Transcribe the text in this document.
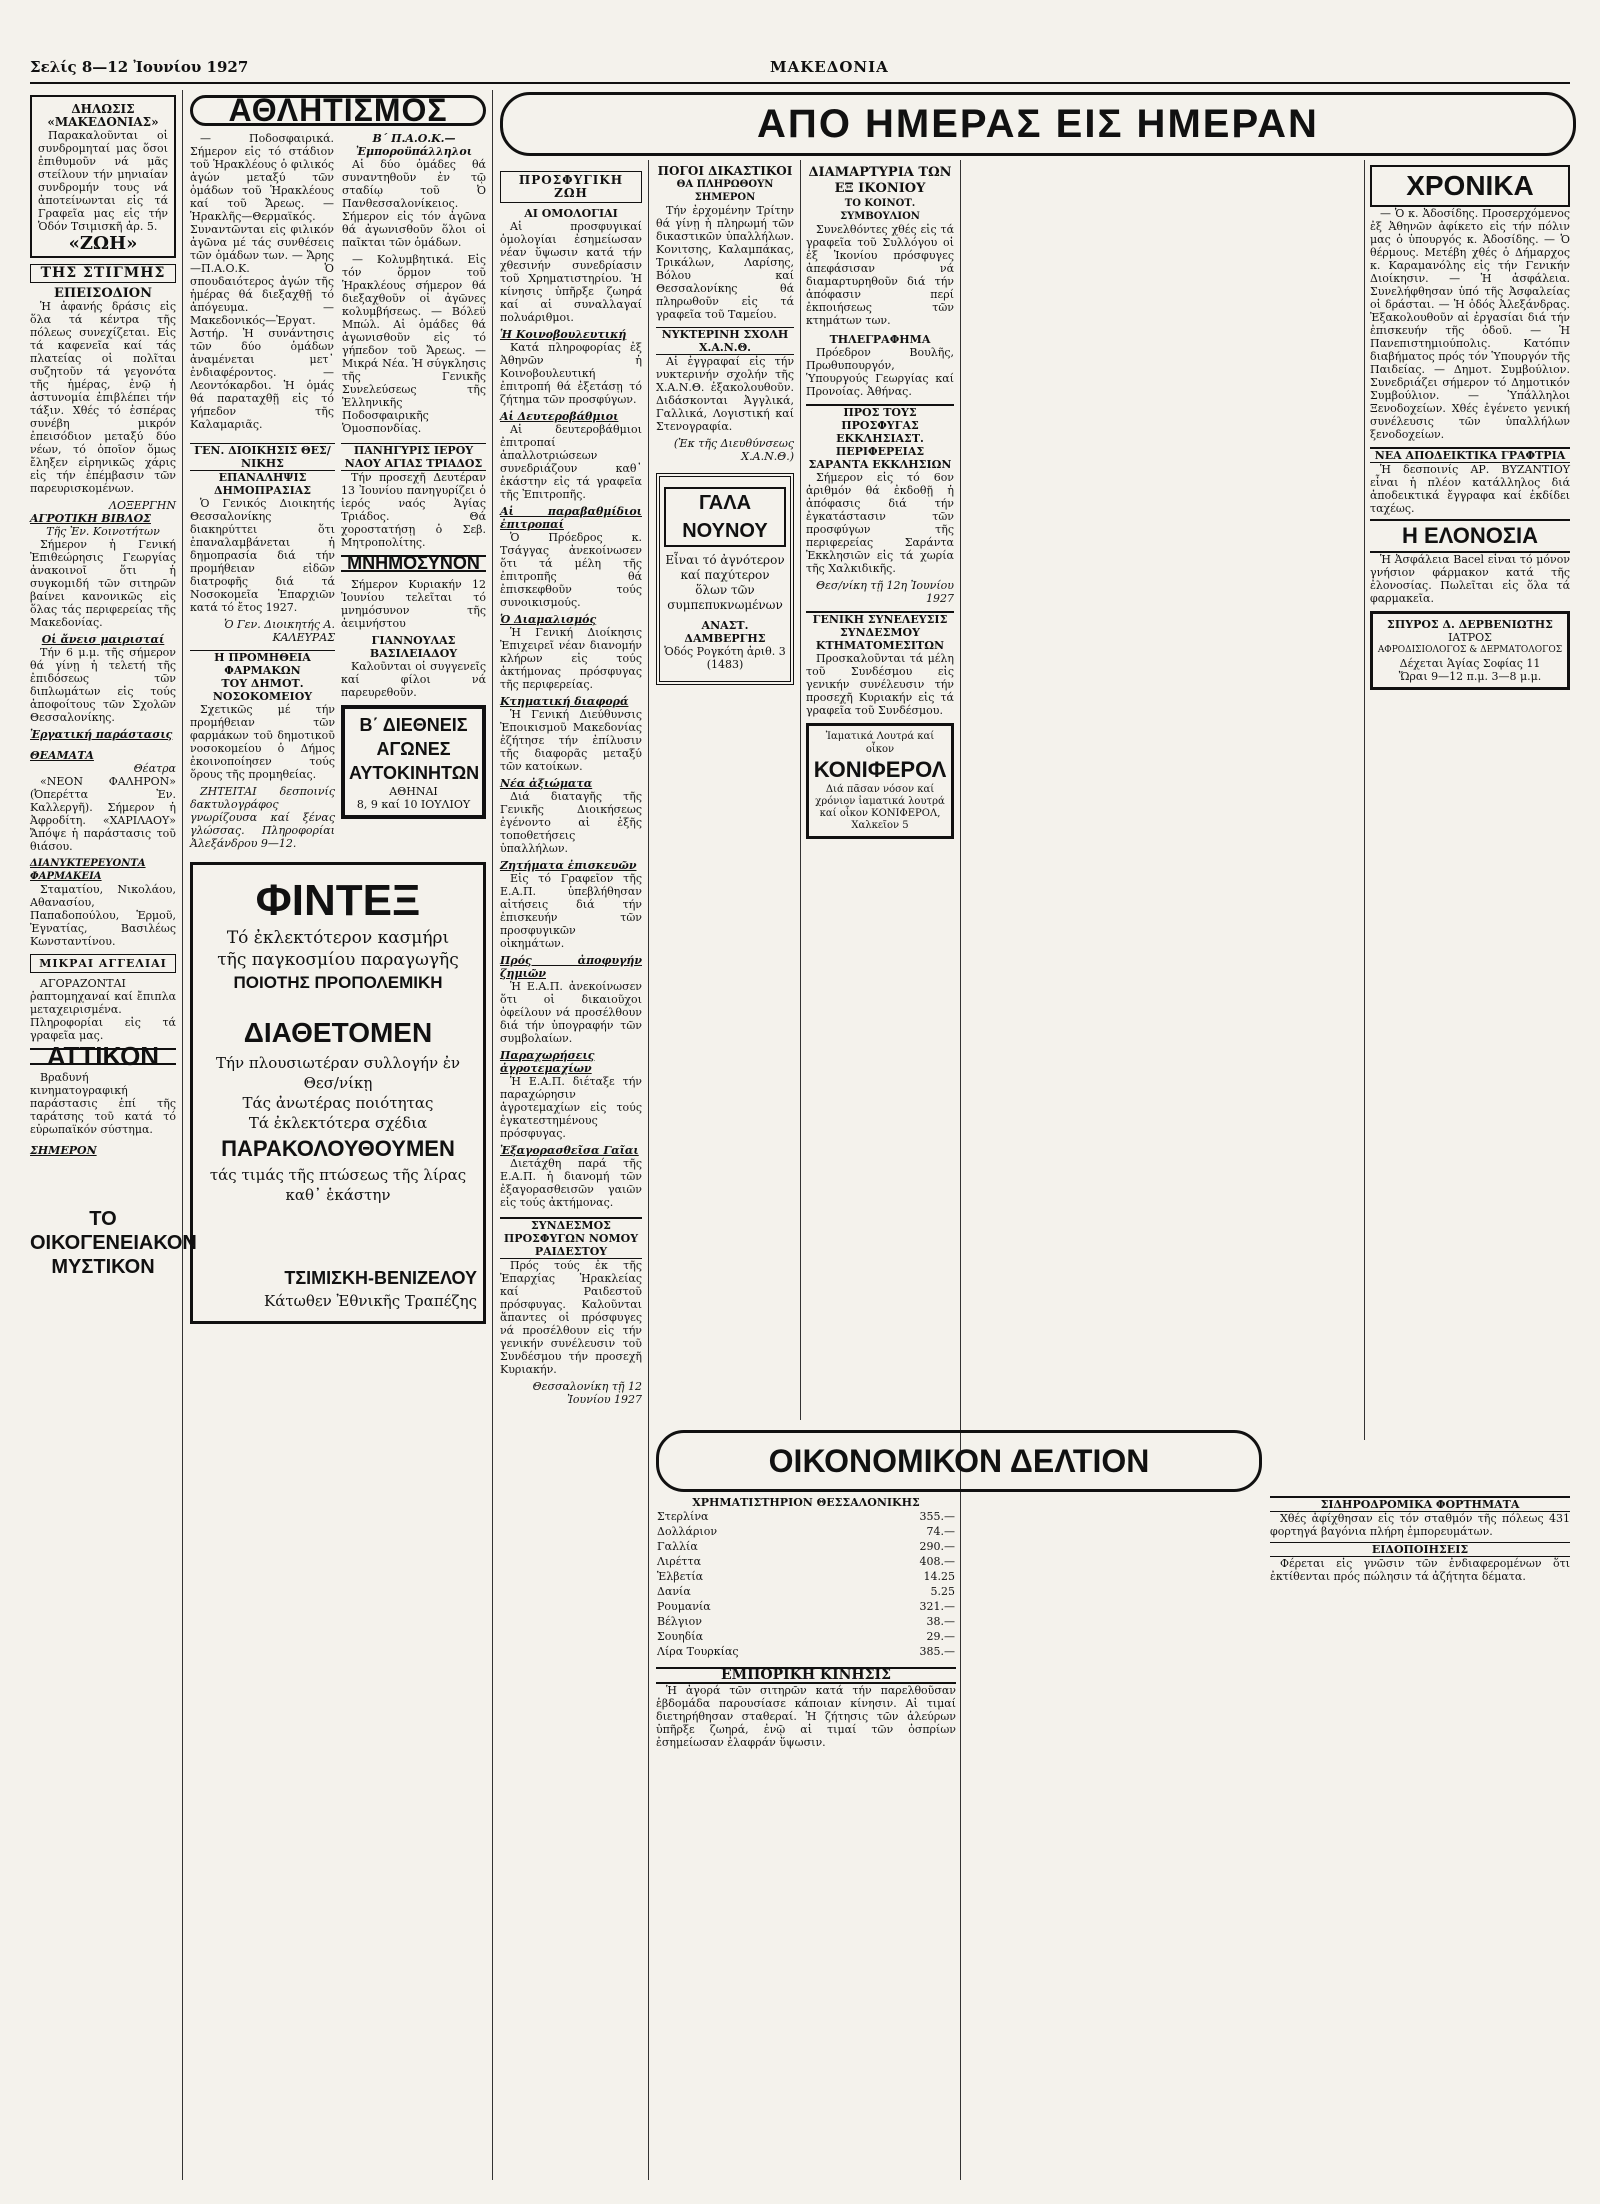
Σελίς 8—12 Ἰουνίου 1927	ΜΑΚΕΔΟΝΙΑ
ΔΗΛΩΣΙΣ «ΜΑΚΕΔΟΝΙΑΣ»

Παρακαλοῦνται οἱ συνδρομηταί μας ὅσοι ἐπιθυμοῦν νά μᾶς στείλουν τήν μηνιαίαν συνδρομήν τους νά ἀποτείνωνται εἰς τά Γραφεῖα μας εἰς τήν Ὁδόν Τσιμισκῆ ἀρ. 5.

«ΖΩΗ»
ΤΗΣ ΣΤΙΓΜΗΣ
ΕΠΕΙΣΟΔΙΟΝ

Ἡ ἀφανής δράσις εἰς ὅλα τά κέντρα τῆς πόλεως συνεχίζεται. Εἰς τά καφενεῖα καί τάς πλατείας οἱ πολῖται συζητοῦν τά γεγονότα τῆς ἡμέρας, ἐνῷ ἡ ἀστυνομία ἐπιβλέπει τήν τάξιν. Χθές τό ἑσπέρας συνέβη μικρόν ἐπεισόδιον μεταξύ δύο νέων, τό ὁποῖον ὅμως ἔληξεν εἰρηνικῶς χάρις εἰς τήν ἐπέμβασιν τῶν παρευρισκομένων.

ΛΟΞΕΡΓΗΝ
ΑΓΡΟΤΙΚΗ ΒΙΒΛΟΣ
Τῆς Ἐν. Κοινοτήτων

Σήμερον ἡ Γενική Ἐπιθεώρησις Γεωργίας ἀνακοινοῖ ὅτι ἡ συγκομιδή τῶν σιτηρῶν βαίνει κανονικῶς εἰς ὅλας τάς περιφερείας τῆς Μακεδονίας.

Οἱ ἄνεισ μαιρισταί

Τήν 6 μ.μ. τῆς σήμερον θά γίνῃ ἡ τελετή τῆς ἐπιδόσεως τῶν διπλωμάτων εἰς τούς ἀποφοίτους τῶν Σχολῶν Θεσσαλονίκης.

Ἐργατική παράστασις
ΘΕΑΜΑΤΑ
Θέατρα

«ΝΕΟΝ ΦΑΛΗΡΟΝ» (Ὀπερέττα Ἐν. Καλλεργῆ). Σήμερον ἡ Ἀφροδίτη. «ΧΑΡΙΛΑΟΥ» Ἄπόψε ἡ παράστασις τοῦ θιάσου.

ΔΙΑΝΥΚΤΕΡΕΥΟΝΤΑ ΦΑΡΜΑΚΕΙΑ

Σταματίου, Νικολάου, Αθανασίου, Παπαδοπούλου, Ἑρμοῦ, Ἐγνατίας, Βασιλέως Κωνσταντίνου.

ΜΙΚΡΑΙ ΑΓΓΕΛΙΑΙ

ΑΓΟΡΑΖΟΝΤΑΙ ῥαπτομηχαναί καί ἔπιπλα μεταχειρισμένα. Πληροφορίαι εἰς τά γραφεῖα μας.

ΑΤΤΙΚΟΝ

Βραδυνή κινηματογραφική παράστασις ἐπί τῆς ταράτσης τοῦ κατά τό εὐρωπαϊκόν σύστημα.

ΣΗΜΕΡΟΝ
ΤΟ ΟΙΚΟΓΕΝΕΙΑΚΟΝ ΜΥΣΤΙΚΟΝ
ΑΘΛΗΤΙΣΜΟΣ

— Ποδοσφαιρικά. Σήμερον εἰς τό στάδιον τοῦ Ἡρακλέους ὁ φιλικός ἀγών μεταξύ τῶν ὁμάδων τοῦ Ἡρακλέους καί τοῦ Ἄρεως. — Ἡρακλῆς—Θερμαϊκός. Συναντῶνται εἰς φιλικόν ἀγῶνα μέ τάς συνθέσεις τῶν ὁμάδων των. — Ἄρης—Π.Α.Ο.Κ. Ὁ σπουδαιότερος ἀγών τῆς ἡμέρας θά διεξαχθῇ τό ἀπόγευμα. — Μακεδονικός—Ἐργατ. Ἀστήρ. Ἡ συνάντησις τῶν δύο ὁμάδων ἀναμένεται μετ᾽ ἐνδιαφέροντος. — Λεοντόκαρδοι. Ἡ ὁμάς θά παραταχθῇ εἰς τό γήπεδον τῆς Καλαμαριᾶς.

Β΄ Π.Α.Ο.Κ.—Ἐμποροϋπάλληλοι

Αἱ δύο ὁμάδες θά συναντηθοῦν ἐν τῷ σταδίῳ τοῦ Ὀ Πανθεσσαλονίκειος. Σήμερον εἰς τόν ἀγῶνα θά ἀγωνισθοῦν ὅλοι οἱ παῖκται τῶν ὁμάδων.

— Κολυμβητικά. Εἰς τόν ὅρμον τοῦ Ἡρακλέους σήμερον θά διεξαχθοῦν οἱ ἀγῶνες κολυμβήσεως. — Βόλεϋ Μπώλ. Αἱ ὁμάδες θά ἀγωνισθοῦν εἰς τό γήπεδον τοῦ Ἄρεως. — Μικρά Νέα. Ἡ σύγκλησις τῆς Γενικῆς Συνελεύσεως τῆς Ἑλληνικῆς Ποδοσφαιρικῆς Ὁμοσπονδίας.

ΓΕΝ. ΔΙΟΙΚΗΣΙΣ ΘΕΣ/ΝΙΚΗΣ
ΕΠΑΝΑΛΗΨΙΣ ΔΗΜΟΠΡΑΣΙΑΣ

Ὁ Γενικός Διοικητής Θεσσαλονίκης διακηρύττει ὅτι ἐπαναλαμβάνεται ἡ δημοπρασία διά τήν προμήθειαν εἰδῶν διατροφῆς διά τά Νοσοκομεῖα Ἐπαρχιῶν κατά τό ἔτος 1927.

Ὁ Γεν. Διοικητής Α. ΚΑΛΕΥΡΑΣ
Η ΠΡΟΜΗΘΕΙΑ ΦΑΡΜΑΚΩΝ
ΤΟΥ ΔΗΜΟΤ. ΝΟΣΟΚΟΜΕΙΟΥ

Σχετικῶς μέ τήν προμήθειαν τῶν φαρμάκων τοῦ δημοτικοῦ νοσοκομείου ὁ Δήμος ἐκοινοποίησεν τούς ὅρους τῆς προμηθείας.

ΖΗΤΕΙΤΑΙ δεσποινίς δακτυλογράφος γνωρίζουσα καί ξένας γλώσσας. Πληροφορίαι Ἀλεξάνδρου 9—12.

ΠΑΝΗΓΥΡΙΣ ΙΕΡΟΥ ΝΑΟΥ ΑΓΙΑΣ ΤΡΙΑΔΟΣ

Τήν προσεχῆ Δευτέραν 13 Ἰουνίου πανηγυρίζει ὁ ἱερός ναός Ἁγίας Τριάδος. Θά χοροστατήσῃ ὁ Σεβ. Μητροπολίτης.

ΜΝΗΜΟΣΥΝΟΝ

Σήμερον Κυριακήν 12 Ἰουνίου τελεῖται τό μνημόσυνον τῆς ἀειμνήστου

ΓΙΑΝΝΟΥΛΑΣ ΒΑΣΙΛΕΙΑΔΟΥ

Καλοῦνται οἱ συγγενεῖς καί φίλοι νά παρευρεθοῦν.

Β΄ ΔΙΕΘΝΕΙΣ ΑΓΩΝΕΣ ΑΥΤΟΚΙΝΗΤΩΝ
ΑΘΗΝΑΙ
8, 9 καί 10 ΙΟΥΛΙΟΥ
ΦΙΝΤΕΞ
Τό ἐκλεκτότερον κασμήρι
τῆς παγκοσμίου παραγωγῆς
ΠΟΙΟΤΗΣ ΠΡΟΠΟΛΕΜΙΚΗ
ΔΙΑΘΕΤΟΜΕΝ
Τήν πλουσιωτέραν συλλογήν ἐν Θεσ/νίκῃ
Τάς ἀνωτέρας ποιότητας
Τά ἐκλεκτότερα σχέδια
ΠΑΡΑΚΟΛΟΥΘΟΥΜΕΝ
τάς τιμάς τῆς πτώσεως τῆς λίρας
καθ᾽ ἑκάστην
ΤΣΙΜΙΣΚΗ-ΒΕΝΙΖΕΛΟΥ
Κάτωθεν Ἐθνικῆς Τραπέζης
ΑΠΟ ΗΜΕΡΑΣ ΕΙΣ ΗΜΕΡΑΝ
ΠΡΟΣΦΥΓΙΚΗ ΖΩΗ
ΑΙ ΟΜΟΛΟΓΙΑΙ

Αἱ προσφυγικαί ὁμολογίαι ἐσημείωσαν νέαν ὕψωσιν κατά τήν χθεσινήν συνεδρίασιν τοῦ Χρηματιστηρίου. Ἡ κίνησις ὑπῆρξε ζωηρά καί αἱ συναλλαγαί πολυάριθμοι.

Ἡ Κοινοβουλευτική

Κατά πληροφορίας ἐξ Ἀθηνῶν ἡ Κοινοβουλευτική ἐπιτροπή θά ἐξετάσῃ τό ζήτημα τῶν προσφύγων.

Αἱ Δευτεροβάθμιοι

Αἱ δευτεροβάθμιοι ἐπιτροπαί ἀπαλλοτριώσεων συνεδριάζουν καθ᾽ ἑκάστην εἰς τά γραφεῖα τῆς Ἐπιτροπῆς.

Αἱ παραβαθμίδιοι ἐπιτροπαί

Ὁ Πρόεδρος κ. Τσάγγας ἀνεκοίνωσεν ὅτι τά μέλη τῆς ἐπιτροπῆς θά ἐπισκεφθοῦν τούς συνοικισμούς.

Ὁ Διαμαλισμός

Ἡ Γενική Διοίκησις Ἐπιχειρεῖ νέαν διανομήν κλήρων εἰς τούς ἀκτήμονας πρόσφυγας τῆς περιφερείας.

Κτηματική διαφορά

Ἡ Γενική Διεύθυνσις Ἐποικισμοῦ Μακεδονίας ἐζήτησε τήν ἐπίλυσιν τῆς διαφορᾶς μεταξύ τῶν κατοίκων.

Νέα ἀξιώματα

Διά διαταγῆς τῆς Γενικῆς Διοικήσεως ἐγένοντο αἱ ἑξῆς τοποθετήσεις ὑπαλλήλων.

Ζητήματα ἐπισκευῶν

Εἰς τό Γραφεῖον τῆς Ε.Α.Π. ὑπεβλήθησαν αἰτήσεις διά τήν ἐπισκευήν τῶν προσφυγικῶν οἰκημάτων.

Πρός ἀποφυγήν ζημιῶν

Ἡ Ε.Α.Π. ἀνεκοίνωσεν ὅτι οἱ δικαιοῦχοι ὀφείλουν νά προσέλθουν διά τήν ὑπογραφήν τῶν συμβολαίων.

Παραχωρήσεις ἀγροτεμαχίων

Ἡ Ε.Α.Π. διέταξε τήν παραχώρησιν ἀγροτεμαχίων εἰς τούς ἐγκατεστημένους πρόσφυγας.

Ἐξαγορασθεῖσα Γαῖαι

Διετάχθη παρά τῆς Ε.Α.Π. ἡ διανομή τῶν ἐξαγορασθεισῶν γαιῶν εἰς τούς ἀκτήμονας.

ΣΥΝΔΕΣΜΟΣ ΠΡΟΣΦΥΓΩΝ ΝΟΜΟΥ ΡΑΙΔΕΣΤΟΥ

Πρός τούς ἐκ τῆς Ἐπαρχίας Ἡρακλείας καί Ραιδεστοῦ πρόσφυγας. Καλοῦνται ἅπαντες οἱ πρόσφυγες νά προσέλθουν εἰς τήν γενικήν συνέλευσιν τοῦ Συνδέσμου τήν προσεχῆ Κυριακήν.

Θεσσαλονίκη τῇ 12 Ἰουνίου 1927
ΠΟΓΟΙ ΔΙΚΑΣΤΙΚΟΙ
ΘΑ ΠΛΗΡΩΘΟΥΝ ΣΗΜΕΡΟΝ

Τήν ἐρχομένην Τρίτην θά γίνῃ ἡ πληρωμή τῶν δικαστικῶν ὑπαλλήλων. Κονιτσης, Καλαμπάκας, Τρικάλων, Λαρίσης, Βόλου καί Θεσσαλονίκης θά πληρωθοῦν εἰς τά γραφεῖα τοῦ Ταμείου.

ΝΥΚΤΕΡΙΝΗ ΣΧΟΛΗ Χ.Α.Ν.Θ.

Αἱ ἐγγραφαί εἰς τήν νυκτερινήν σχολήν τῆς Χ.Α.Ν.Θ. ἐξακολουθοῦν. Διδάσκονται Ἀγγλικά, Γαλλικά, Λογιστική καί Στενογραφία.

(Ἐκ τῆς Διευθύνσεως Χ.Α.Ν.Θ.)
ΓΑΛΑ ΝΟΥΝΟΥ
Εἶναι τό ἀγνότερον καί παχύτερον ὅλων τῶν συμπεπυκνωμένων
ΑΝΑΣΤ. ΔΑΜΒΕΡΓΗΣ
Ὁδός Ρογκότη ἀριθ. 3
(1483)
ΔΙΑΜΑΡΤΥΡΙΑ ΤΩΝ ΕΞ ΙΚΟΝΙΟΥ
ΤΟ ΚΟΙΝΟΤ. ΣΥΜΒΟΥΛΙΟΝ

Συνελθόντες χθές εἰς τά γραφεῖα τοῦ Συλλόγου οἱ ἐξ Ἰκονίου πρόσφυγες ἀπεφάσισαν νά διαμαρτυρηθοῦν διά τήν ἀπόφασιν περί ἐκποιήσεως τῶν κτημάτων των.

ΤΗΛΕΓΡΑΦΗΜΑ

Πρόεδρον Βουλῆς, Πρωθυπουργόν, Ὑπουργούς Γεωργίας καί Προνοίας. Ἀθήνας.

ΠΡΟΣ ΤΟΥΣ ΠΡΟΣΦΥΓΑΣ ΕΚΚΛΗΣΙΑΣΤ. ΠΕΡΙΦΕΡΕΙΑΣ ΣΑΡΑΝΤΑ ΕΚΚΛΗΣΙΩΝ

Σήμερον εἰς τό 6ον ἀριθμόν θά ἐκδοθῇ ἡ ἀπόφασις διά τήν ἐγκατάστασιν τῶν προσφύγων τῆς περιφερείας Σαράντα Ἐκκλησιῶν εἰς τά χωρία τῆς Χαλκιδικῆς.

Θεσ/νίκη τῇ 12η Ἰουνίου 1927
ΓΕΝΙΚΗ ΣΥΝΕΛΕΥΣΙΣ ΣΥΝΔΕΣΜΟΥ ΚΤΗΜΑΤΟΜΕΣΙΤΩΝ

Προσκαλοῦνται τά μέλη τοῦ Συνδέσμου εἰς γενικήν συνέλευσιν τήν προσεχῆ Κυριακήν εἰς τά γραφεῖα τοῦ Συνδέσμου.

Ἰαματικά Λουτρά καί οἶκον
ΚΟΝΙΦΕΡΟΛ
Διά πᾶσαν νόσον καί χρόνιον ἰαματικά λουτρά καί οἶκον ΚΟΝΙΦΕΡΟΛ, Χαλκεῖον 5
ΧΡΟΝΙΚΑ

— Ὁ κ. Ἀδοσίδης. Προσερχόμενος ἐξ Ἀθηνῶν ἀφίκετο εἰς τήν πόλιν μας ὁ ὑπουργός κ. Ἀδοσίδης. — Ὁ θέρμους. Μετέβη χθές ὁ Δήμαρχος κ. Καραμανόλης εἰς τήν Γενικήν Διοίκησιν. — Ἡ ἀσφάλεια. Συνελήφθησαν ὑπό τῆς Ἀσφαλείας οἱ δράσται. — Ἡ ὁδός Ἀλεξάνδρας. Ἐξακολουθοῦν αἱ ἐργασίαι διά τήν ἐπισκευήν τῆς ὁδοῦ. — Ἡ Πανεπιστημιούπολις. Κατόπιν διαβήματος πρός τόν Ὑπουργόν τῆς Παιδείας. — Δημοτ. Συμβούλιον. Συνεδριάζει σήμερον τό Δημοτικόν Συμβούλιον. — Ὑπάλληλοι Ξενοδοχείων. Χθές ἐγένετο γενική συνέλευσις τῶν ὑπαλλήλων ξενοδοχείων.

ΝΕΑ ΑΠΟΔΕΙΚΤΙΚΑ ΓΡΑΦΤΡΙΑ

Ἡ δεσποινίς ΑΡ. ΒΥΖΑΝΤΙΟΥ εἶναι ἡ πλέον κατάλληλος διά ἀποδεικτικά ἔγγραφα καί ἐκδίδει ταχέως.

Η ΕΛΟΝΟΣΙΑ

Ἡ Ἀσφάλεια Bacel εἶναι τό μόνον γνήσιον φάρμακον κατά τῆς ἐλονοσίας. Πωλεῖται εἰς ὅλα τά φαρμακεῖα.

ΣΠΥΡΟΣ Δ. ΔΕΡΒΕΝΙΩΤΗΣ
ΙΑΤΡΟΣ
ΑΦΡΟΔΙΣΙΟΛΟΓΟΣ & ΔΕΡΜΑΤΟΛΟΓΟΣ
Δέχεται Ἁγίας Σοφίας 11
Ὥραι 9—12 π.μ. 3—8 μ.μ.
ΟΙΚΟΝΟΜΙΚΟΝ ΔΕΛΤΙΟΝ
ΧΡΗΜΑΤΙΣΤΗΡΙΟΝ ΘΕΣΣΑΛΟΝΙΚΗΣ
Στερλίνα	355.—
Δολλάριον	74.—
Γαλλία	290.—
Λιρέττα	408.—
Ἑλβετία	14.25
Δανία	5.25
Ρουμανία	321.—
Βέλγιον	38.—
Σουηδία	29.—
Λίρα Τουρκίας	385.—
ΕΜΠΟΡΙΚΗ ΚΙΝΗΣΙΣ

Ἡ ἀγορά τῶν σιτηρῶν κατά τήν παρελθοῦσαν ἑβδομάδα παρουσίασε κάποιαν κίνησιν. Αἱ τιμαί διετηρήθησαν σταθεραί. Ἡ ζήτησις τῶν ἀλεύρων ὑπῆρξε ζωηρά, ἐνῷ αἱ τιμαί τῶν ὀσπρίων ἐσημείωσαν ἐλαφράν ὕψωσιν.

ΣΙΔΗΡΟΔΡΟΜΙΚΑ ΦΟΡΤΗΜΑΤΑ

Χθές ἀφίχθησαν εἰς τόν σταθμόν τῆς πόλεως 431 φορτηγά βαγόνια πλήρη ἐμπορευμάτων.

ΕΙΔΟΠΟΙΗΣΕΙΣ

Φέρεται εἰς γνῶσιν τῶν ἐνδιαφερομένων ὅτι ἐκτίθενται πρός πώλησιν τά ἀζήτητα δέματα.
